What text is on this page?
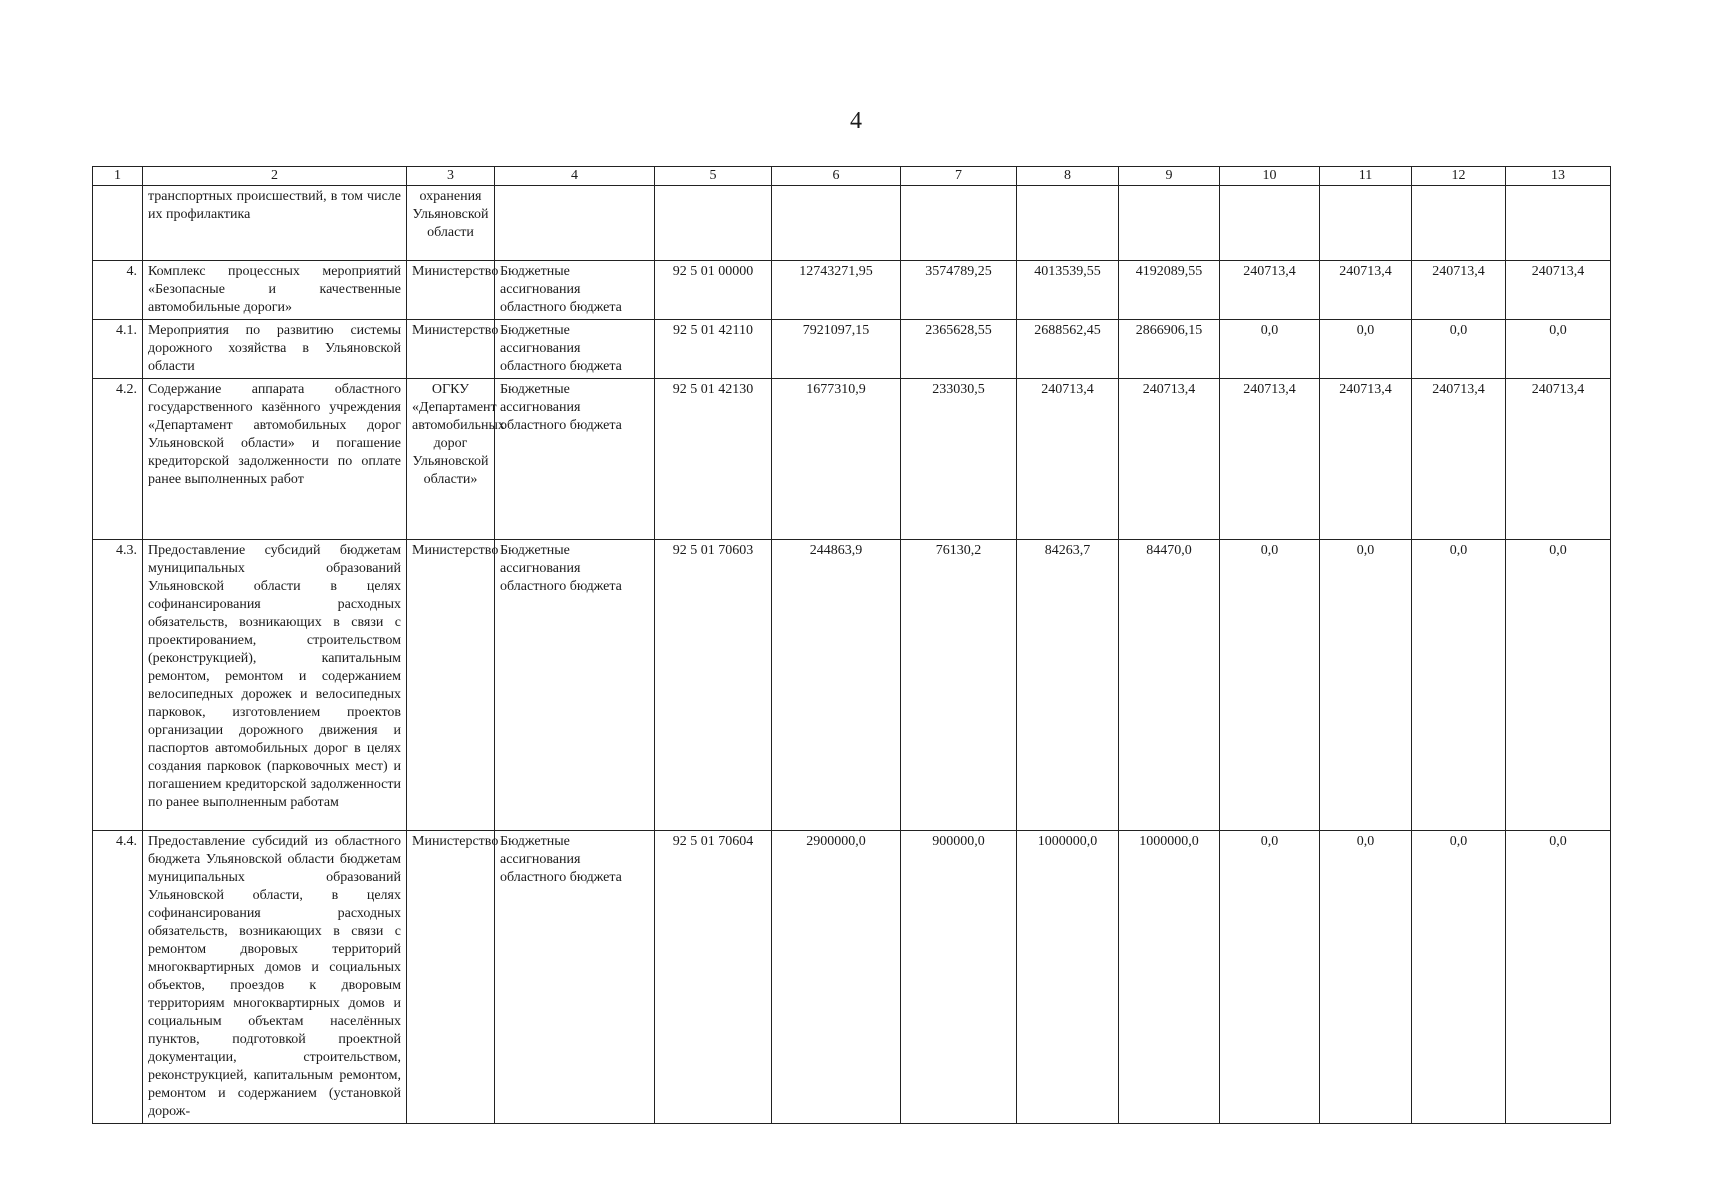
4
1	2	3	4	5	6	7	8	9	10	11	12	13
	транспортных происшествий, в том числе их профилактика	охранения Ульяновской области										
4.	Комплекс процессных мероприятий «Безопасные и качественные автомобильные дороги»	Министерство	Бюджетные ассигнования областного бюджета	92 5 01 00000	12743271,95	3574789,25	4013539,55	4192089,55	240713,4	240713,4	240713,4	240713,4
4.1.	Мероприятия по развитию системы дорожного хозяйства в Ульяновской области	Министерство	Бюджетные ассигнования областного бюджета	92 5 01 42110	7921097,15	2365628,55	2688562,45	2866906,15	0,0	0,0	0,0	0,0
4.2.	Содержание аппарата областного государственного казённого учреждения «Департамент автомобильных дорог Ульяновской области» и погашение кредиторской задолженности по оплате ранее выполненных работ	ОГКУ «Департамент автомобильных дорог Ульяновской области»	Бюджетные ассигнования областного бюджета	92 5 01 42130	1677310,9	233030,5	240713,4	240713,4	240713,4	240713,4	240713,4	240713,4
4.3.	Предоставление субсидий бюджетам муниципальных образований Ульяновской области в целях софинансирования расходных обязательств, возникающих в связи с проектированием, строительством (реконструкцией), капитальным ремонтом, ремонтом и содержанием велосипедных дорожек и велосипедных парковок, изготовлением проектов организации дорожного движения и паспортов автомобильных дорог в целях создания парковок (парковочных мест) и погашением кредиторской задолженности по ранее выполненным работам	Министерство	Бюджетные ассигнования областного бюджета	92 5 01 70603	244863,9	76130,2	84263,7	84470,0	0,0	0,0	0,0	0,0
4.4.	Предоставление субсидий из областного бюджета Ульяновской области бюджетам муниципальных образований Ульяновской области, в целях софинансирования расходных обязательств, возникающих в связи с ремонтом дворовых территорий многоквартирных домов и социальных объектов, проездов к дворовым территориям многоквартирных домов и социальным объектам населённых пунктов, подготовкой проектной документации, строительством, реконструкцией, капитальным ремонтом, ремонтом и содержанием (установкой дорож-	Министерство	Бюджетные ассигнования областного бюджета	92 5 01 70604	2900000,0	900000,0	1000000,0	1000000,0	0,0	0,0	0,0	0,0
